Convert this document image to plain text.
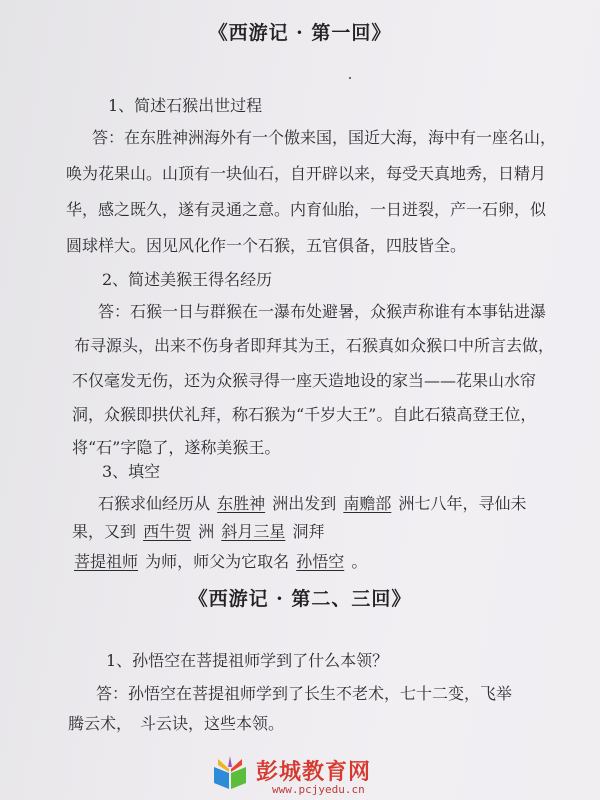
《西游记 · 第一回》
1、简述石猴出世过程
答：在东胜神洲海外有一个傲来国，国近大海，海中有一座名山，
唤为花果山。山顶有一块仙石，自开辟以来，每受天真地秀，日精月
华，感之既久，遂有灵通之意。内育仙胎，一日迸裂，产一石卵，似
圆球样大。因见风化作一个石猴，五官俱备，四肢皆全。
2、简述美猴王得名经历
答：石猴一日与群猴在一瀑布处避暑，众猴声称谁有本事钻进瀑
布寻源头，出来不伤身者即拜其为王，石猴真如众猴口中所言去做，
不仅毫发无伤，还为众猴寻得一座天造地设的家当——花果山水帘
洞，众猴即拱伏礼拜，称石猴为“千岁大王”。自此石猿高登王位，
将“石”字隐了，遂称美猴王。
3、填空
石猴求仙经历从 东胜神 洲出发到 南赡部 洲七八年，寻仙未
果，又到 西牛贺 洲 斜月三星 洞拜
菩提祖师 为师，师父为它取名 孙悟空 。
《西游记 · 第二、三回》
1、孙悟空在菩提祖师学到了什么本领？
答：孙悟空在菩提祖师学到了长生不老术，七十二变，飞举
腾云术，　斗云诀，这些本领。
彭城教育网
www.pcjyedu.cn
